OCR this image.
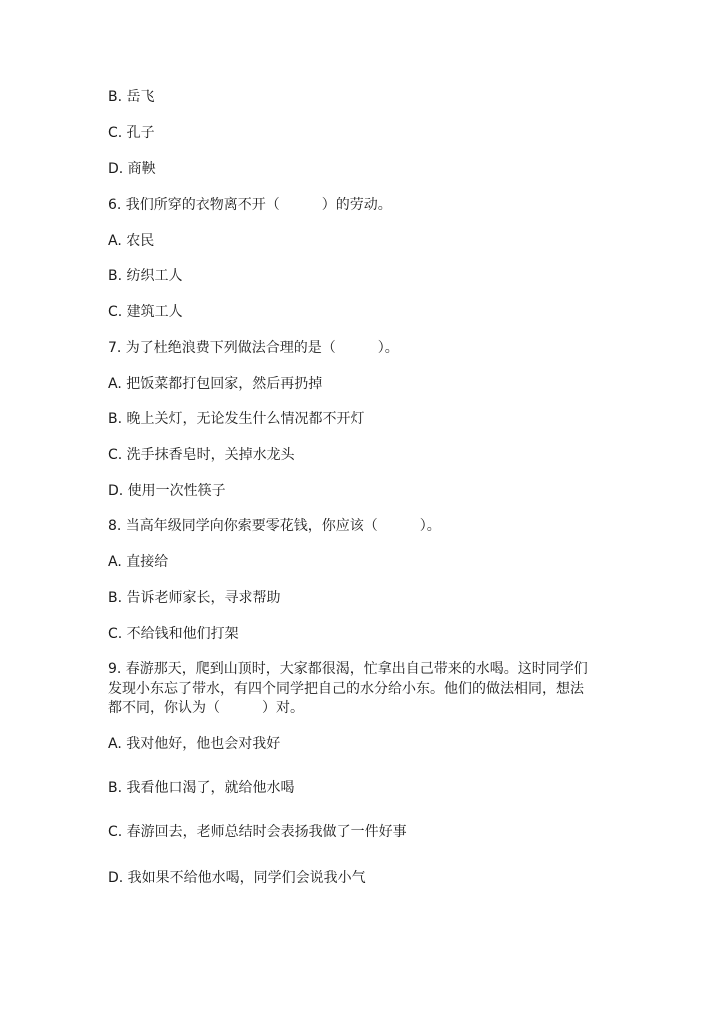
B. 岳飞
C. 孔子
D. 商鞅
6. 我们所穿的衣物离不开（　　　）的劳动。
A. 农民
B. 纺织工人
C. 建筑工人
7. 为了杜绝浪费下列做法合理的是（　　　）。
A. 把饭菜都打包回家，然后再扔掉
B. 晚上关灯，无论发生什么情况都不开灯
C. 洗手抹香皂时，关掉水龙头
D. 使用一次性筷子
8. 当高年级同学向你索要零花钱，你应该（　　　）。
A. 直接给
B. 告诉老师家长，寻求帮助
C. 不给钱和他们打架
9. 春游那天，爬到山顶时，大家都很渴，忙拿出自己带来的水喝。这时同学们
发现小东忘了带水，有四个同学把自己的水分给小东。他们的做法相同，想法
都不同，你认为（　　　）对。
A. 我对他好，他也会对我好
B. 我看他口渴了，就给他水喝
C. 春游回去，老师总结时会表扬我做了一件好事
D. 我如果不给他水喝，同学们会说我小气
